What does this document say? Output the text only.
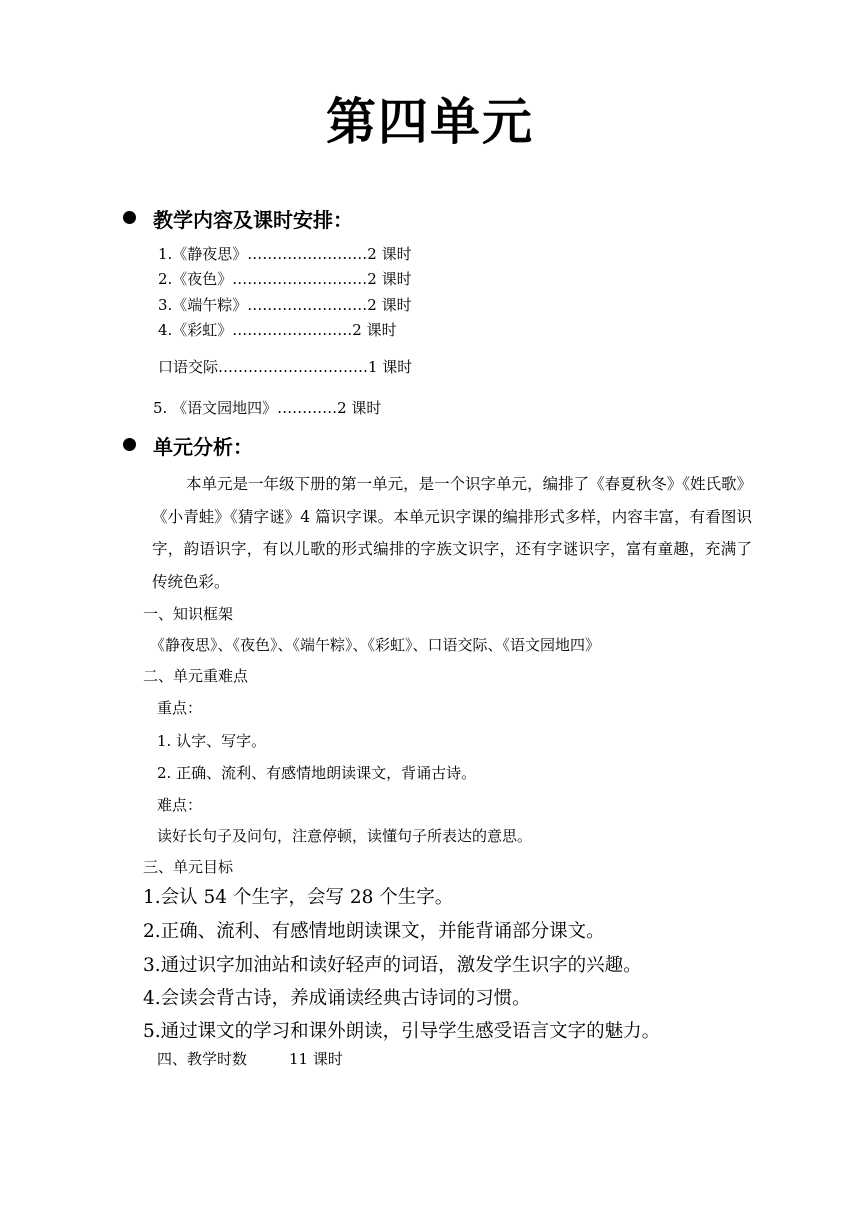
第四单元
教学内容及课时安排：
1.《静夜思》……………………2 课时
2.《夜色》………………………2 课时
3.《端午粽》……………………2 课时
4.《彩虹》……………………2 课时
口语交际…………………………1 课时
5. 《语文园地四》…………2 课时
单元分析：
本单元是一年级下册的第一单元，是一个识字单元，编排了《春夏秋冬》《姓氏歌》《小青蛙》《猜字谜》4 篇识字课。本单元识字课的编排形式多样，内容丰富，有看图识字，韵语识字，有以儿歌的形式编排的字族文识字，还有字谜识字，富有童趣，充满了传统色彩。
一、知识框架
《静夜思》、《夜色》、《端午粽》、《彩虹》、口语交际、《语文园地四》
二、单元重难点
重点：
1. 认字、写字。
2. 正确、流利、有感情地朗读课文，背诵古诗。
难点：
读好长句子及问句，注意停顿，读懂句子所表达的意思。
三、单元目标
1.会认 54 个生字，会写 28 个生字。
2.正确、流利、有感情地朗读课文，并能背诵部分课文。
3.通过识字加油站和读好轻声的词语，激发学生识字的兴趣。
4.会读会背古诗，养成诵读经典古诗词的习惯。
5.通过课文的学习和课外朗读，引导学生感受语言文字的魅力。
四、教学时数	11 课时
